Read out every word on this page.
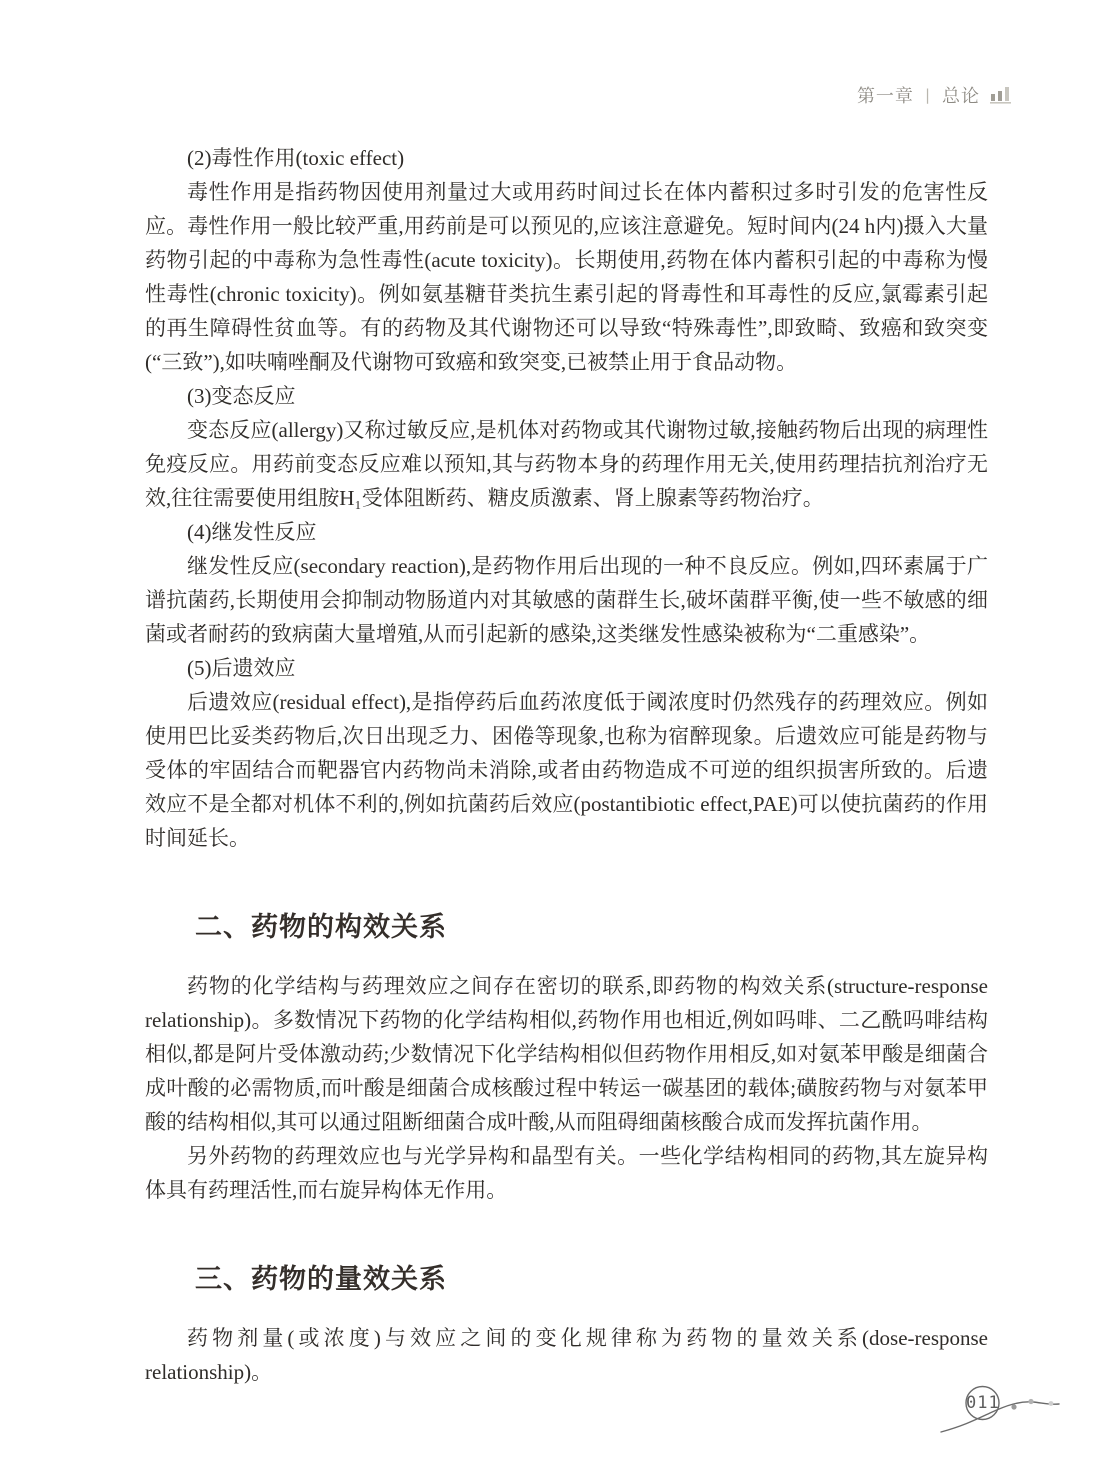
第一章 | 总论

(2)毒性作用(toxic effect)

毒性作用是指药物因使用剂量过大或用药时间过长在体内蓄积过多时引发的危害性反应。毒性作用一般比较严重,用药前是可以预见的,应该注意避免。短时间内(24 h内)摄入大量药物引起的中毒称为急性毒性(acute toxicity)。长期使用,药物在体内蓄积引起的中毒称为慢性毒性(chronic toxicity)。例如氨基糖苷类抗生素引起的肾毒性和耳毒性的反应,氯霉素引起的再生障碍性贫血等。有的药物及其代谢物还可以导致“特殊毒性”,即致畸、致癌和致突变(“三致”),如呋喃唑酮及代谢物可致癌和致突变,已被禁止用于食品动物。

(3)变态反应

变态反应(allergy)又称过敏反应,是机体对药物或其代谢物过敏,接触药物后出现的病理性免疫反应。用药前变态反应难以预知,其与药物本身的药理作用无关,使用药理拮抗剂治疗无效,往往需要使用组胺H₁受体阻断药、糖皮质激素、肾上腺素等药物治疗。

(4)继发性反应

继发性反应(secondary reaction),是药物作用后出现的一种不良反应。例如,四环素属于广谱抗菌药,长期使用会抑制动物肠道内对其敏感的菌群生长,破坏菌群平衡,使一些不敏感的细菌或者耐药的致病菌大量增殖,从而引起新的感染,这类继发性感染被称为“二重感染”。

(5)后遗效应

后遗效应(residual effect),是指停药后血药浓度低于阈浓度时仍然残存的药理效应。例如使用巴比妥类药物后,次日出现乏力、困倦等现象,也称为宿醉现象。后遗效应可能是药物与受体的牢固结合而靶器官内药物尚未消除,或者由药物造成不可逆的组织损害所致的。后遗效应不是全都对机体不利的,例如抗菌药后效应(postantibiotic effect,PAE)可以使抗菌药的作用时间延长。

二、药物的构效关系

药物的化学结构与药理效应之间存在密切的联系,即药物的构效关系(structure-response relationship)。多数情况下药物的化学结构相似,药物作用也相近,例如吗啡、二乙酰吗啡结构相似,都是阿片受体激动药;少数情况下化学结构相似但药物作用相反,如对氨苯甲酸是细菌合成叶酸的必需物质,而叶酸是细菌合成核酸过程中转运一碳基团的载体;磺胺药物与对氨苯甲酸的结构相似,其可以通过阻断细菌合成叶酸,从而阻碍细菌核酸合成而发挥抗菌作用。

另外药物的药理效应也与光学异构和晶型有关。一些化学结构相同的药物,其左旋异构体具有药理活性,而右旋异构体无作用。

三、药物的量效关系

药物剂量(或浓度)与效应之间的变化规律称为药物的量效关系(dose-response relationship)。

011
